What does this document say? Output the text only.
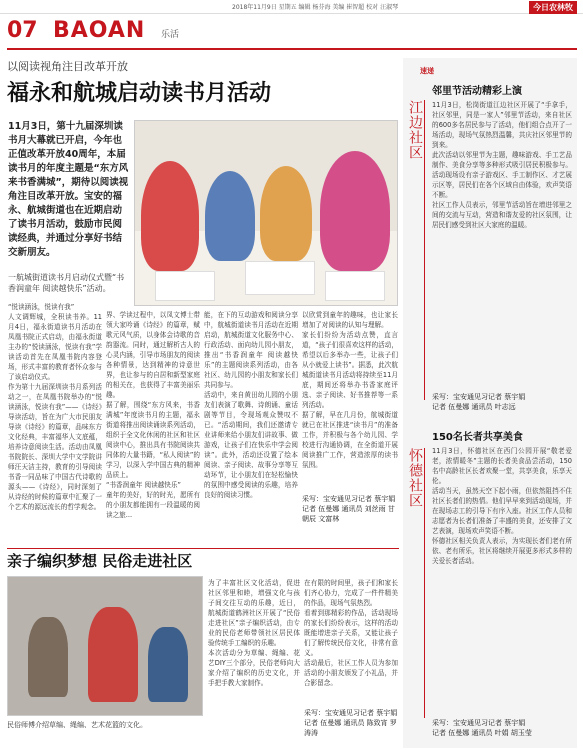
2018年11月9日 星期五 编辑 杨芬海 美编 崔智超 校对 汪淑琴	今日农林牧
07 BAOAN 乐活
以阅读视角注目改革开放
福永和航城启动读书月活动
11月3日，第十九届深圳读书月大幕就已开启，今年也正值改革开放40周年，本届读书月的年度主题是“东方风来书香满城”，期待以阅读视角注目改革开放。宝安的福永、航城街道也在近期启动了读书月活动，鼓励市民阅读经典，并通过分享好书结交新朋友。
一航城街道读书月启动仪式暨“书香润童年 阅读越快乐”活动。
“悦读涵泳，悦读有我”
人文调辉城，全积读书养。11月4日，福永街道读书月活动在凤凰书院正式启动，由福永街道主办的“悦读涵泳，悦读有我”学读活动首先在凤凰书院内容登场，形式丰富的教育者怀众参与了该启动仪式。
作为第十九届深圳读书月系列活动之一，在凤凰书院举办的“悦读涵泳，悦读有我”——《诗经》导读活动，旨在为广大市民朋友导读《诗经》的篇章，品味东方文化经典，丰富福华人文底蕴，培养诗意阅读生活。活动由凤凰书院院长、深圳大学中文学院讲师汪天洁主持，教育的引导阅读书香一同品味了中国古代诗歌的源头——《诗经》，同时深刻了从诗经的时候的篇章中汇聚了一个艺术的源远流长的哲学观念。
界、学读过程中，以凤文博士带领大家吟诵《诗经》的篇章，赋歌元风气质，以身体会诗歌的音韵器流。同时，通过解析古人的心灵内涵，引导市场朋友的阅读各种情景，达到精神的诗意世界，也让参与的自居和新型家庭的相关在，也获得了丰富美丽乐趣。
据了解，围绕“东方风来，书香满城”年度读书月的主题，福永街道将推出阅读诵读系列活动，组织于全文化休闲的社区和社区阅读中心，推出具有书院阅读共同体的大量书籍，“私人阅读”的学习，以深入学中国古典的精神品质上。
“书香润童年 阅读越快乐”
童年的美好，好的时光，愿所有的小朋友都能拥有一段温暖的阅读之旅...
能，在下的互动游戏和阅读分享中，航城街道读书月活动在近期启动，航城街道文化服务中心、行政活动、面向幼儿园小朋友，推出“书香润童年 阅读越快乐”的主题阅读系列活动，由各社区、幼儿园的小朋友和家长们共同参与。
活动中，来自黄田幼儿园的小朋友们表演了歌舞、诗朗诵、童话剧等节目，令现场观众赞叹不已。“活动期间，我们还邀请专业讲师来给小朋友们讲故事、做游戏，让孩子们在快乐中学会阅读”。此外，活动还设置了绘本阅读、亲子阅读、故事分享等互动环节，让小朋友们在轻松愉快的氛围中感受阅读的乐趣，培养良好的阅读习惯。
以欣赏到童年的趣味，也让家长增加了对阅读的认知与理解。
家长们纷纷为活动点赞，直言道，“孩子们很喜欢这样的活动，希望以后多举办一些，让孩子们从小就爱上读书”。据悉，此次航城街道读书月活动将持续至11月底，期间还将举办书香家庭评选、亲子阅读、好书推荐等一系列活动。
据了解，早在几月份，航城街道就已在社区推进“读书月”的准备工作，并积极与各个幼儿园、学校进行沟通协调，在全街道开展阅读推广工作，营造浓厚的读书氛围。
采写：宝安通见习记者 蔡宇娟
记者 伍曼娜 通讯员 刘丝雨 甘朝辰 文富林
亲子编织梦想 民俗走进社区
民俗师傅介绍草编、绳编、艺术花篮的文化。
为了丰富社区文化活动，促进社区邻里和睦，增强文化与孩子间交往互动的乐趣，近日，航城街道鹤洲社区开展了“民俗走进社区”亲子编织活动，由专业的民俗老师带领社区居民体验传统手工编织的乐趣。
本次活动分为草编、绳编、花艺DIY三个部分，民俗老师向大家介绍了编织的历史文化，并手把手教大家制作。
在有限的时间里，孩子们和家长们齐心协力，完成了一件件精美的作品，现场气氛热烈。
看着到那精彩的作品，活动现场的家长们纷纷表示，这样的活动既能增进亲子关系，又能让孩子们了解传统民俗文化，非常有意义。
活动最后，社区工作人员为参加活动的小朋友颁发了小礼品，并合影留念。
采写：宝安通见习记者 蔡宇娟
记者 伍曼娜 通讯员 陈致宵 罗涛涛
速递
江边社区
邻里节活动精彩上演
11月3日，松岗街道江边社区开展了“手拿手，社区邻里，同是一家人”邻里节活动，来自社区的600多名居民参与了活动，他们组合点开了一场活动，现场气氛热烈温馨，共庆社区邻里节的到来。
此次活动以邻里节为主题，趣味游戏、手工艺品制作、美食分享等多种形式吸引居民积极参与。活动现场设有亲子游戏区、手工制作区、才艺展示区等，居民们在各个区域自由体验，欢声笑语不断。
社区工作人员表示，邻里节活动旨在增进邻里之间的交流与互动，营造和谐友爱的社区氛围，让居民们感受到社区大家庭的温暖。
采写：宝安通见习记者 蔡宇娟
记者 伍曼娜 通讯员 叶志远
怀德社区
150名长者共享美食
11月3日，怀德社区在西门公园开展“敬老爱老，浓情暖冬”主题的长者美食品尝活动，150名中高龄社区长者欢聚一堂，共享美食，乐享天伦。
活动当天，虽然天空下起小雨，但依然阻挡不住社区长者们的热情。他们早早来到活动现场，并在现场志工的引导下有序入座。社区工作人员和志愿者为长者们准备了丰盛的美食，还安排了文艺表演，现场欢声笑语不断。
怀德社区相关负责人表示，为实现长者们老有所依、老有所乐，社区将继续开展更多形式多样的关爱长者活动。
采写：宝安通见习记者 蔡宇娟
记者 伍曼娜 通讯员 叶娟 胡玉莹
